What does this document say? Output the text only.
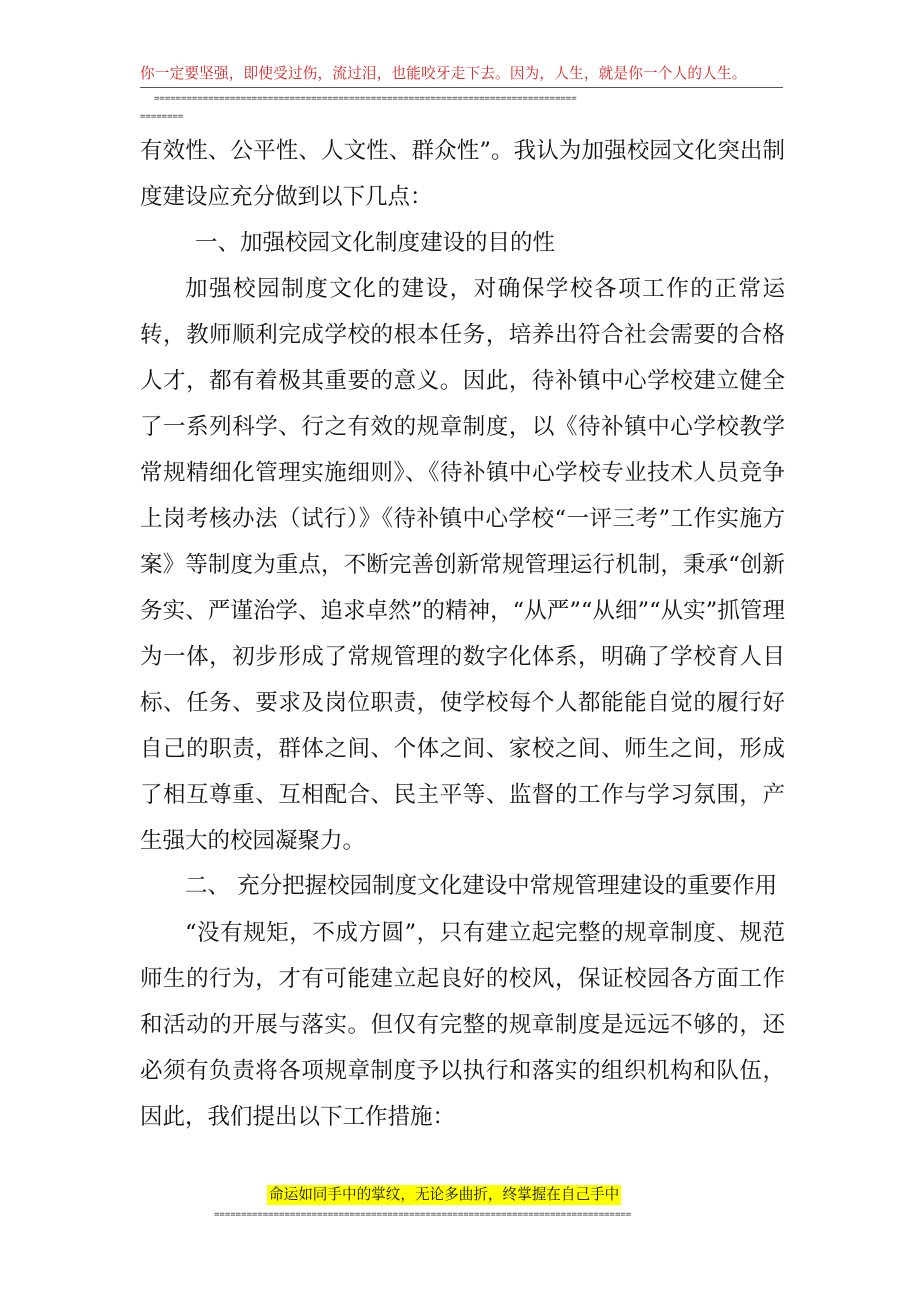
你一定要坚强，即使受过伤，流过泪，也能咬牙走下去。因为，人生，就是你一个人的人生。
==============================================================================
========

有效性、公平性、人文性、群众性”。我认为加强校园文化突出制度建设应充分做到以下几点：

一、加强校园文化制度建设的目的性

加强校园制度文化的建设，对确保学校各项工作的正常运转，教师顺利完成学校的根本任务，培养出符合社会需要的合格人才，都有着极其重要的意义。因此，待补镇中心学校建立健全了一系列科学、行之有效的规章制度，以《待补镇中心学校教学常规精细化管理实施细则》、《待补镇中心学校专业技术人员竞争上岗考核办法（试行）》《待补镇中心学校“一评三考”工作实施方案》等制度为重点，不断完善创新常规管理运行机制，秉承“创新务实、严谨治学、追求卓然”的精神，“从严”“从细”“从实”抓管理为一体，初步形成了常规管理的数字化体系，明确了学校育人目标、任务、要求及岗位职责，使学校每个人都能能自觉的履行好自己的职责，群体之间、个体之间、家校之间、师生之间，形成了相互尊重、互相配合、民主平等、监督的工作与学习氛围，产生强大的校园凝聚力。

二、 充分把握校园制度文化建设中常规管理建设的重要作用

“没有规矩，不成方圆”，只有建立起完整的规章制度、规范师生的行为，才有可能建立起良好的校风，保证校园各方面工作和活动的开展与落实。但仅有完整的规章制度是远远不够的，还必须有负责将各项规章制度予以执行和落实的组织机构和队伍，因此，我们提出以下工作措施：

命运如同手中的掌纹，无论多曲折，终掌握在自己手中
=============================================================================
